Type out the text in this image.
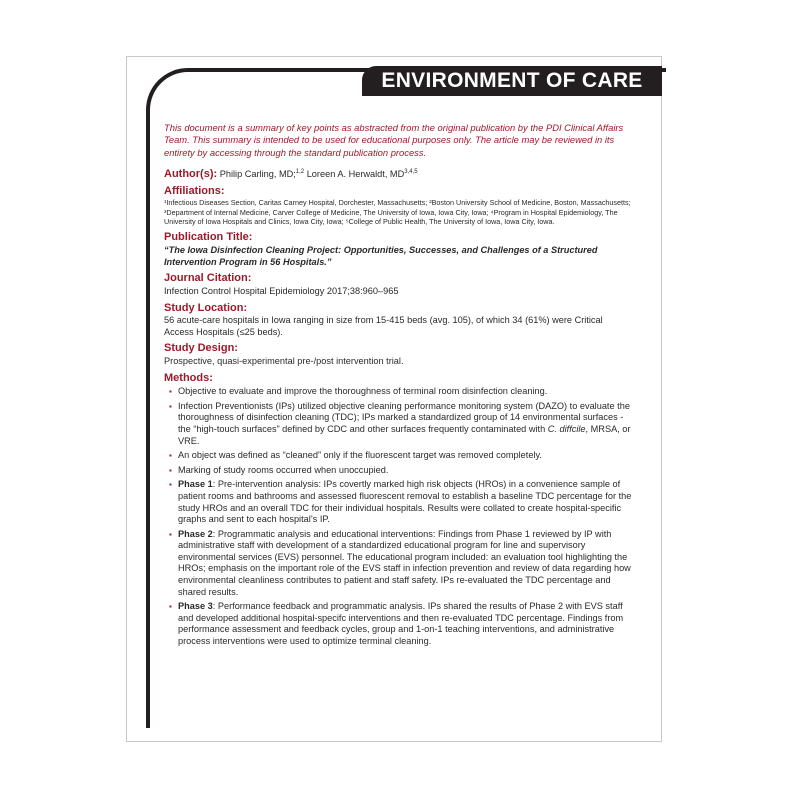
ENVIRONMENT OF CARE

This document is a summary of key points as abstracted from the original publication by the PDI Clinical Affairs Team. This summary is intended to be used for educational purposes only. The article may be reviewed in its entirety by accessing through the standard publication process.

Author(s): Philip Carling, MD;$^{1,2}$ Loreen A. Herwaldt, MD$^{3,4,5}$
Affiliations:

¹Infectious Diseases Section, Caritas Carney Hospital, Dorchester, Massachusetts; ²Boston University School of Medicine, Boston, Massachusetts; ³Department of Internal Medicine, Carver College of Medicine, The University of Iowa, Iowa City, Iowa; ⁴Program in Hospital Epidemiology, The University of Iowa Hospitals and Clinics, Iowa City, Iowa; ⁵College of Public Health, The University of Iowa, Iowa City, Iowa.

Publication Title:

“The Iowa Disinfection Cleaning Project: Opportunities, Successes, and Challenges of a Structured Intervention Program in 56 Hospitals.”

Journal Citation:

Infection Control Hospital Epidemiology 2017;38:960–965

Study Location:

56 acute-care hospitals in Iowa ranging in size from 15-415 beds (avg. 105), of which 34 (61%) were Critical Access Hospitals (≤25 beds).

Study Design:

Prospective, quasi-experimental pre-/post intervention trial.

Methods:
▪ Objective to evaluate and improve the thoroughness of terminal room disinfection cleaning.
▪ Infection Preventionists (IPs) utilized objective cleaning performance monitoring system (DAZO) to evaluate the thoroughness of disinfection cleaning (TDC); IPs marked a standardized group of 14 environmental surfaces - the “high-touch surfaces” defined by CDC and other surfaces frequently contaminated with C. diffcile, MRSA, or VRE.
▪ An object was defined as “cleaned” only if the fluorescent target was removed completely.
▪ Marking of study rooms occurred when unoccupied.
▪ Phase 1: Pre-intervention analysis: IPs covertly marked high risk objects (HROs) in a convenience sample of patient rooms and bathrooms and assessed fluorescent removal to establish a baseline TDC percentage for the study HROs and an overall TDC for their individual hospitals. Results were collated to create hospital-specific graphs and sent to each hospital’s IP.
▪ Phase 2: Programmatic analysis and educational interventions: Findings from Phase 1 reviewed by IP with administrative staff with development of a standardized educational program for line and supervisory environmental services (EVS) personnel. The educational program included: an evaluation tool highlighting the HROs; emphasis on the important role of the EVS staff in infection prevention and review of data regarding how environmental cleanliness contributes to patient and staff safety. IPs re-evaluated the TDC percentage and shared results.
▪ Phase 3: Performance feedback and programmatic analysis. IPs shared the results of Phase 2 with EVS staff and developed additional hospital-specifc interventions and then re-evaluated TDC percentage. Findings from performance assessment and feedback cycles, group and 1-on-1 teaching interventions, and administrative process interventions were used to optimize terminal cleaning.
